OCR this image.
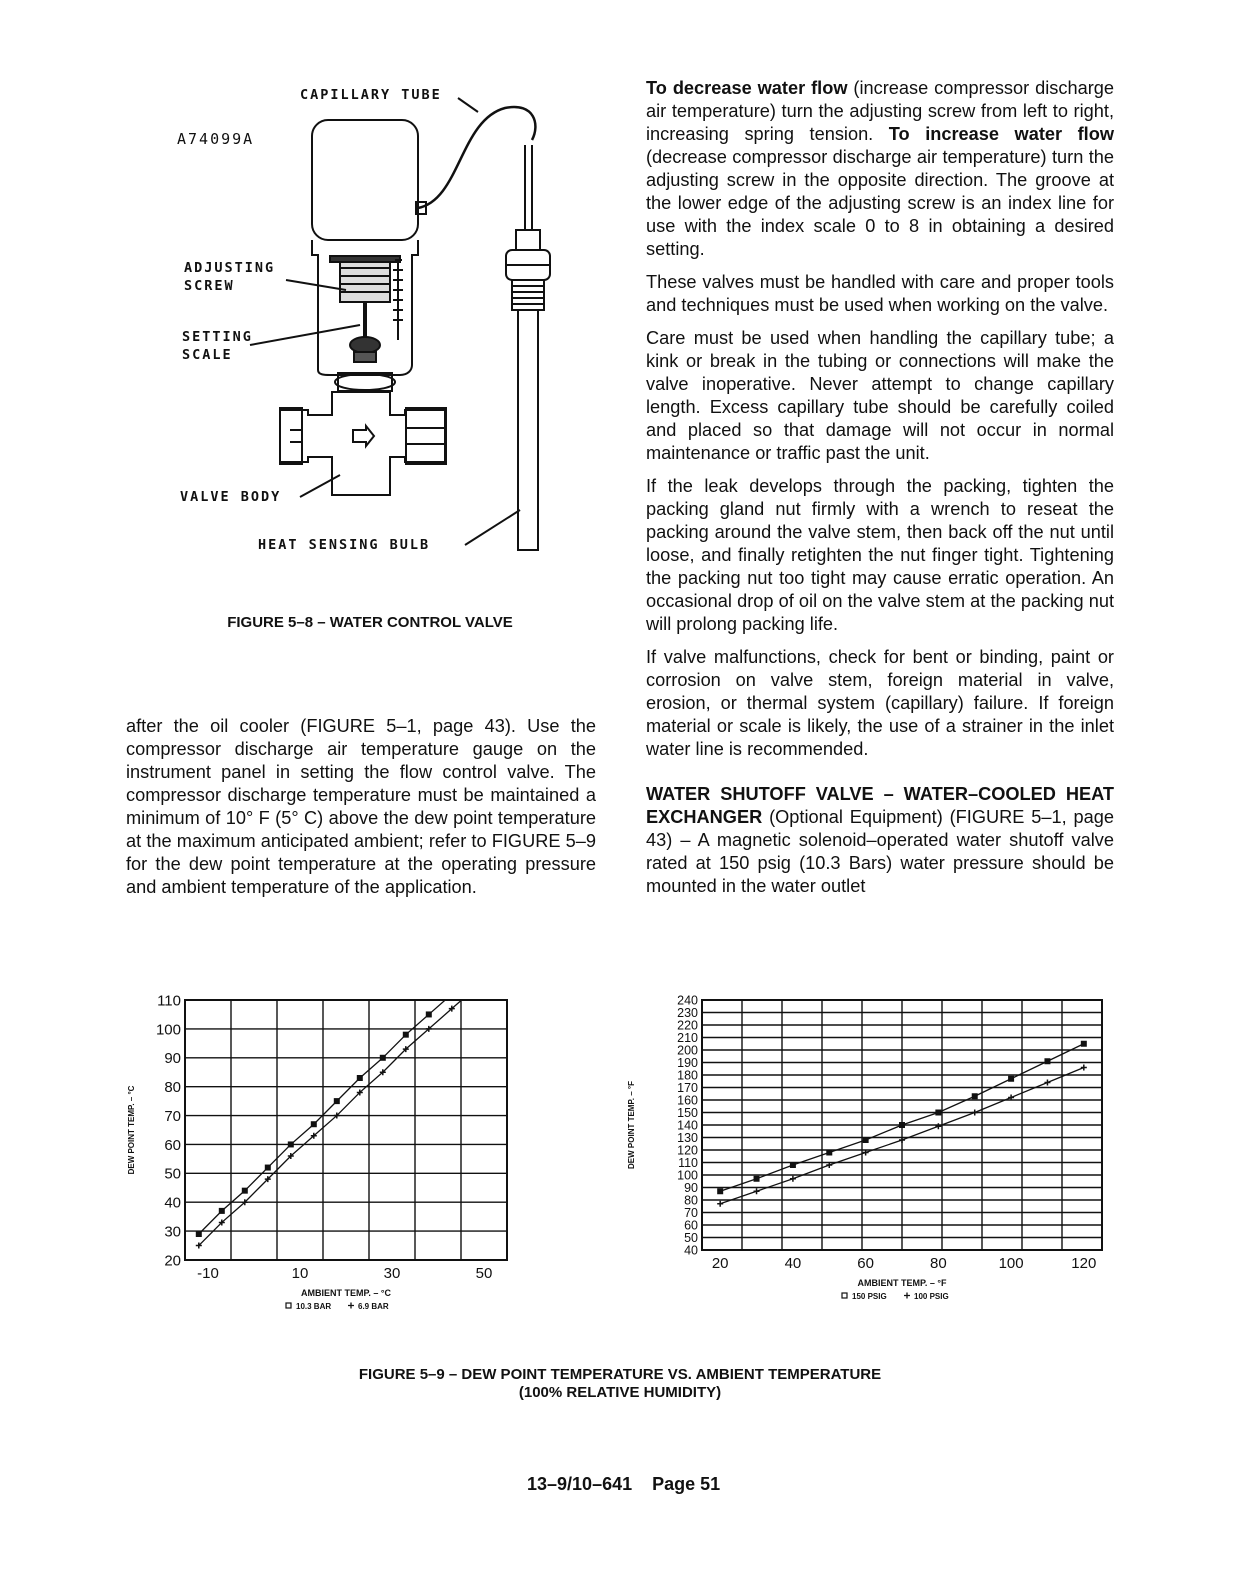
CAPILLARY TUBE
A74099A
ADJUSTING
SCREW
SETTING
SCALE
VALVE BODY
HEAT SENSING BULB
FIGURE 5–8 – WATER CONTROL VALVE

after the oil cooler (FIGURE 5–1, page 43). Use the compressor discharge air temperature gauge on the instrument panel in setting the flow control valve. The compressor discharge temperature must be maintained a minimum of 10° F (5° C) above the dew point temperature at the maximum anticipated ambient; refer to FIGURE 5–9 for the dew point temperature at the operating pressure and ambient temperature of the application.

To decrease water flow (increase compressor discharge air temperature) turn the adjusting screw from left to right, increasing spring tension. To increase water flow (decrease compressor discharge air temperature) turn the adjusting screw in the opposite direction. The groove at the lower edge of the adjusting screw is an index line for use with the index scale 0 to 8 in obtaining a desired setting.

These valves must be handled with care and proper tools and techniques must be used when working on the valve.

Care must be used when handling the capillary tube; a kink or break in the tubing or connections will make the valve inoperative. Never attempt to change capillary length. Excess capillary tube should be carefully coiled and placed so that damage will not occur in normal maintenance or traffic past the unit.

If the leak develops through the packing, tighten the packing gland nut firmly with a wrench to reseat the packing around the valve stem, then back off the nut until loose, and finally retighten the nut finger tight. Tightening the packing nut too tight may cause erratic operation. An occasional drop of oil on the valve stem at the packing nut will prolong packing life.

If valve malfunctions, check for bent or binding, paint or corrosion on valve stem, foreign material in valve, erosion, or thermal system (capillary) failure. If foreign material or scale is likely, the use of a strainer in the inlet water line is recommended.

WATER SHUTOFF VALVE – WATER–COOLED HEAT EXCHANGER (Optional Equipment) (FIGURE 5–1, page 43) – A magnetic solenoid–operated water shutoff valve rated at 150 psig (10.3 Bars) water pressure should be mounted in the water outlet

20
30
40
50
60
70
80
90
100
110
-10	10	30	50
AMBIENT TEMP. – °C
DEW POINT TEMP. – °C
10.3 BAR	6.9 BAR
40
50
60
70
80
90
100
110
120
130
140
150
160
170
180
190
200
210
220
230
240
20	40	60	80	100	120
AMBIENT TEMP. – °F
DEW POINT TEMP. – °F
150 PSIG	100 PSIG
FIGURE 5–9 – DEW POINT TEMPERATURE VS. AMBIENT TEMPERATURE
(100% RELATIVE HUMIDITY)
13–9/10–641 Page 51
